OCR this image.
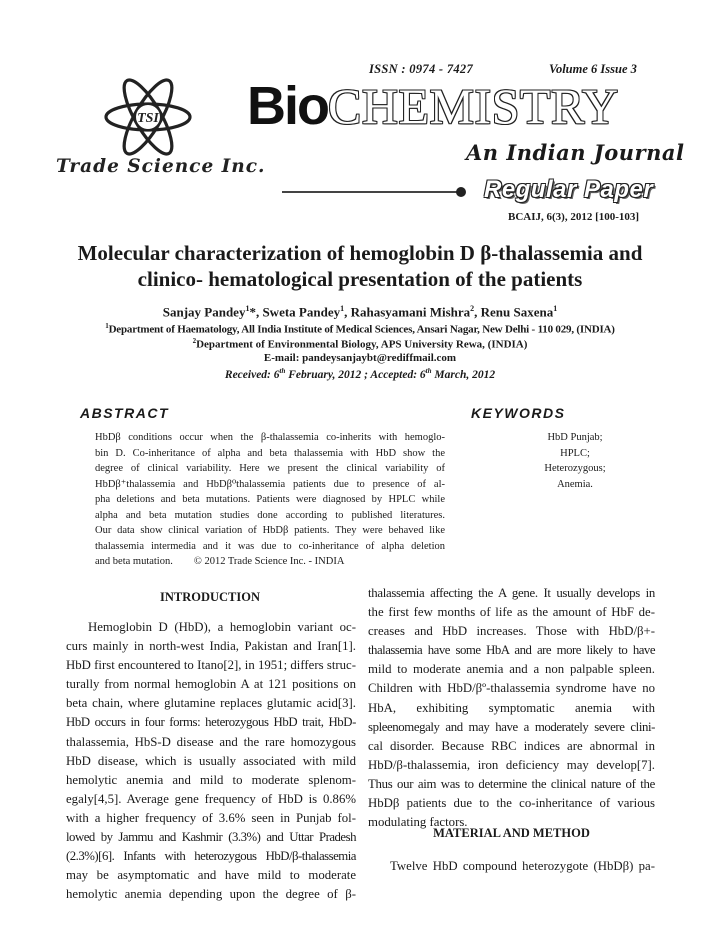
ISSN : 0974 - 7427	Volume 6 Issue 3
TSI
Trade Science Inc.
BioCHEMISTRY
An Indian Journal
Regular Paper
BCAIJ, 6(3), 2012 [100-103]
Molecular characterization of hemoglobin D β-thalassemia and
clinico- hematological presentation of the patients
Sanjay Pandey$^1$*, Sweta Pandey$^1$, Rahasyamani Mishra$^2$, Renu Saxena$^1$
$^1$Department of Haematology, All India Institute of Medical Sciences, Ansari Nagar, New Delhi - 110 029, (INDIA)
$^2$Department of Environmental Biology, APS University Rewa, (INDIA)
E-mail: pandeysanjaybt@rediffmail.com
Received: 6th February, 2012 ; Accepted: 6th March, 2012
ABSTRACT	KEYWORDS
HbDβ conditions occur when the β-thalassemia co-inherits with hemoglo-
bin D. Co-inheritance of alpha and beta thalassemia with HbD show the
degree of clinical variability. Here we present the clinical variability of
HbDβ⁺thalassemia and HbDβ⁰thalassemia patients due to presence of al-
pha deletions and beta mutations. Patients were diagnosed by HPLC while
alpha and beta mutation studies done according to published literatures.
Our data show clinical variation of HbDβ patients. They were behaved like
thalassemia intermedia and it was due to co-inheritance of alpha deletion
and beta mutation.        © 2012 Trade Science Inc. - INDIA
HbD Punjab;
HPLC;
Heterozygous;
Anemia.
INTRODUCTION
Hemoglobin D (HbD), a hemoglobin variant oc-
curs mainly in north-west India, Pakistan and Iran[1].
HbD first encountered to Itano[2], in 1951; differs struc-
turally from normal hemoglobin A at 121 positions on
beta chain, where glutamine replaces glutamic acid[3].
HbD occurs in four forms: heterozygous HbD trait, HbD-
thalassemia, HbS-D disease and the rare homozygous
HbD disease, which is usually associated with mild
hemolytic anemia and mild to moderate splenom-
egaly[4,5]. Average gene frequency of HbD is 0.86%
with a higher frequency of 3.6% seen in Punjab fol-
lowed by Jammu and Kashmir (3.3%) and Uttar Pradesh
(2.3%)[6]. Infants with heterozygous HbD/β-thalassemia
may be asymptomatic and have mild to moderate
hemolytic anemia depending upon the degree of β-
thalassemia affecting the A gene. It usually develops in
the first few months of life as the amount of HbF de-
creases and HbD increases. Those with HbD/β+-
thalassemia have some HbA and are more likely to have
mild to moderate anemia and a non palpable spleen.
Children with HbD/βº-thalassemia syndrome have no
HbA, exhibiting symptomatic anemia with
spleenomegaly and may have a moderately severe clini-
cal disorder. Because RBC indices are abnormal in
HbD/β-thalassemia, iron deficiency may develop[7].
Thus our aim was to determine the clinical nature of the
HbDβ patients due to the co-inheritance of various
modulating factors.
MATERIAL AND METHOD
Twelve HbD compound heterozygote (HbDβ) pa-
